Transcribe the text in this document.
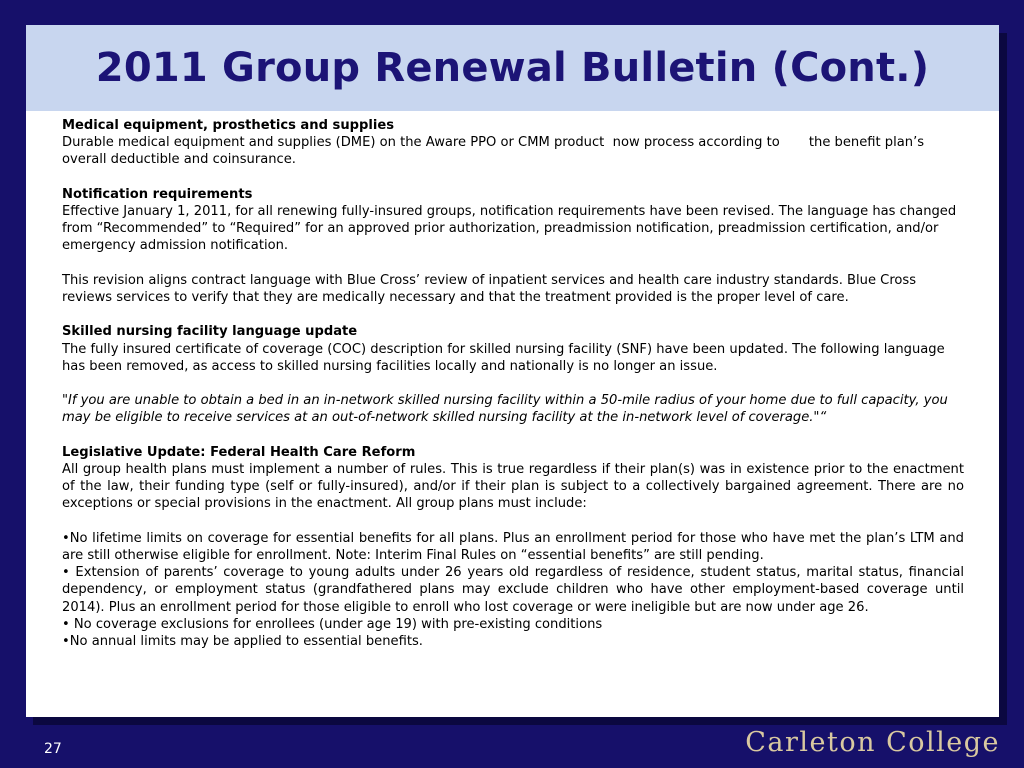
2011 Group Renewal Bulletin (Cont.)

Medical equipment, prosthetics and supplies

Durable medical equipment and supplies (DME) on the Aware PPO or CMM product  now process according to       the benefit plan’s overall deductible and coinsurance.

Notification requirements

Effective January 1, 2011, for all renewing fully-insured groups, notification requirements have been revised. The language has changed from “Recommended” to “Required” for an approved prior authorization, preadmission notification, preadmission certification, and/or emergency admission notification.

This revision aligns contract language with Blue Cross’ review of inpatient services and health care industry standards. Blue Cross reviews services to verify that they are medically necessary and that the treatment provided is the proper level of care.

Skilled nursing facility language update

The fully insured certificate of coverage (COC) description for skilled nursing facility (SNF) have been updated. The following language has been removed, as access to skilled nursing facilities locally and nationally is no longer an issue.

"If you are unable to obtain a bed in an in-network skilled nursing facility within a 50-mile radius of your home due to full capacity, you may be eligible to receive services at an out-of-network skilled nursing facility at the in-network level of coverage."“

Legislative Update: Federal Health Care Reform

All group health plans must implement a number of rules. This is true regardless if their plan(s) was in existence prior to the enactment of the law, their funding type (self or fully-insured), and/or if their plan is subject to a collectively bargained agreement. There are no exceptions or special provisions in the enactment. All group plans must include:

•No lifetime limits on coverage for essential benefits for all plans. Plus an enrollment period for those who have met the plan’s LTM and are still otherwise eligible for enrollment. Note: Interim Final Rules on “essential benefits” are still pending.

• Extension of parents’ coverage to young adults under 26 years old regardless of residence, student status, marital status, financial dependency, or employment status (grandfathered plans may exclude children who have other employment-based coverage until 2014). Plus an enrollment period for those eligible to enroll who lost coverage or were ineligible but are now under age 26.

• No coverage exclusions for enrollees (under age 19) with pre-existing conditions

•No annual limits may be applied to essential benefits.

27	Carleton College
